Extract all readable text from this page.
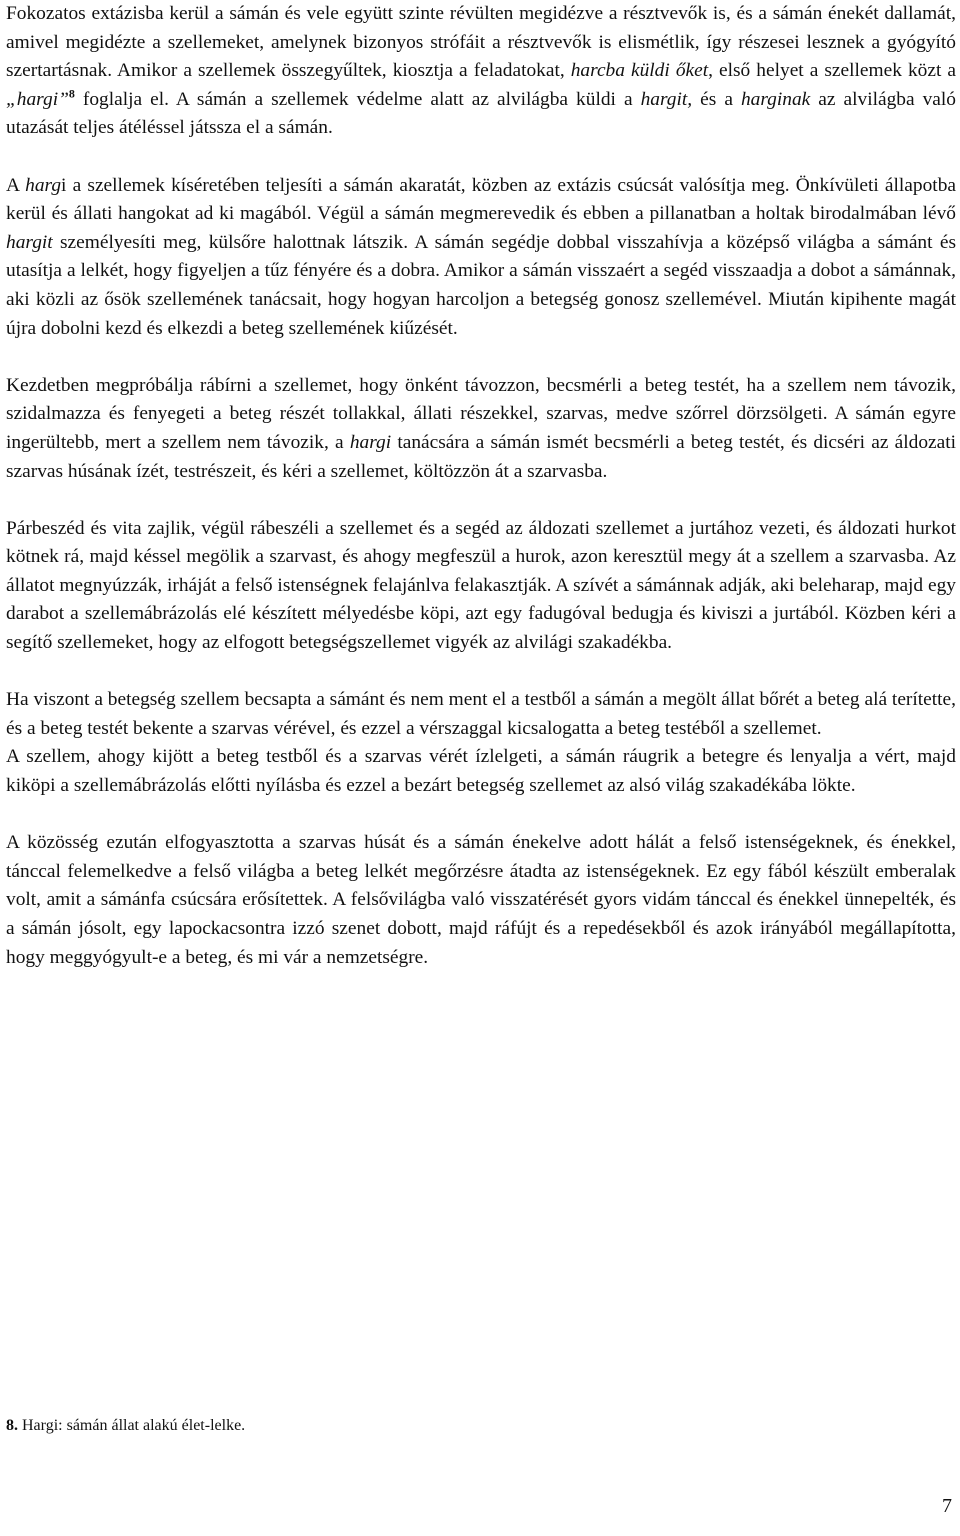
Fokozatos extázisba kerül a sámán és vele együtt szinte révülten megidézve a résztvevők is, és a sámán énekét dallamát, amivel megidézte a szellemeket, amelynek bizonyos strófáit a résztvevők is elismétlik, így részesei lesznek a gyógyító szertartásnak. Amikor a szellemek összegyűltek, kiosztja a feladatokat, harcba küldi őket, első helyet a szellemek közt a „hargi”$^8$ foglalja el. A sámán a szellemek védelme alatt az alvilágba küldi a hargit, és a harginak az alvilágba való utazását teljes átéléssel játssza el a sámán.

A hargi a szellemek kíséretében teljesíti a sámán akaratát, közben az extázis csúcsát valósítja meg. Önkívületi állapotba kerül és állati hangokat ad ki magából. Végül a sámán megmerevedik és ebben a pillanatban a holtak birodalmában lévő hargit személyesíti meg, külsőre halottnak látszik. A sámán segédje dobbal visszahívja a középső világba a sámánt és utasítja a lelkét, hogy figyeljen a tűz fényére és a dobra. Amikor a sámán visszaért a segéd visszaadja a dobot a sámánnak, aki közli az ősök szellemének tanácsait, hogy hogyan harcoljon a betegség gonosz szellemével. Miután kipihente magát újra dobolni kezd és elkezdi a beteg szellemének kiűzését.

Kezdetben megpróbálja rábírni a szellemet, hogy önként távozzon, becsmérli a beteg testét, ha a szellem nem távozik, szidalmazza és fenyegeti a beteg részét tollakkal, állati részekkel, szarvas, medve szőrrel dörzsölgeti. A sámán egyre ingerültebb, mert a szellem nem távozik, a hargi tanácsára a sámán ismét becsmérli a beteg testét, és dicséri az áldozati szarvas húsának ízét, testrészeit, és kéri a szellemet, költözzön át a szarvasba.

Párbeszéd és vita zajlik, végül rábeszéli a szellemet és a segéd az áldozati szellemet a jurtához vezeti, és áldozati hurkot kötnek rá, majd késsel megölik a szarvast, és ahogy megfeszül a hurok, azon keresztül megy át a szellem a szarvasba. Az állatot megnyúzzák, irháját a felső istenségnek felajánlva felakasztják. A szívét a sámánnak adják, aki beleharap, majd egy darabot a szellemábrázolás elé készített mélyedésbe köpi, azt egy fadugóval bedugja és kiviszi a jurtából. Közben kéri a segítő szellemeket, hogy az elfogott betegségszellemet vigyék az alvilági szakadékba.

Ha viszont a betegség szellem becsapta a sámánt és nem ment el a testből a sámán a megölt állat bőrét a beteg alá terítette, és a beteg testét bekente a szarvas vérével, és ezzel a vérszaggal kicsalogatta a beteg testéből a szellemet.

A szellem, ahogy kijött a beteg testből és a szarvas vérét ízlelgeti, a sámán ráugrik a betegre és lenyalja a vért, majd kiköpi a szellemábrázolás előtti nyílásba és ezzel a bezárt betegség szellemet az alsó világ szakadékába lökte.

A közösség ezután elfogyasztotta a szarvas húsát és a sámán énekelve adott hálát a felső istenségeknek, és énekkel, tánccal felemelkedve a felső világba a beteg lelkét megőrzésre átadta az istenségeknek. Ez egy fából készült emberalak volt, amit a sámánfa csúcsára erősítettek. A felsővilágba való visszatérését gyors vidám tánccal és énekkel ünnepelték, és a sámán jósolt, egy lapockacsontra izzó szenet dobott, majd ráfújt és a repedésekből és azok irányából megállapította, hogy meggyógyult-e a beteg, és mi vár a nemzetségre.

8. Hargi: sámán állat alakú élet-lelke.

7
